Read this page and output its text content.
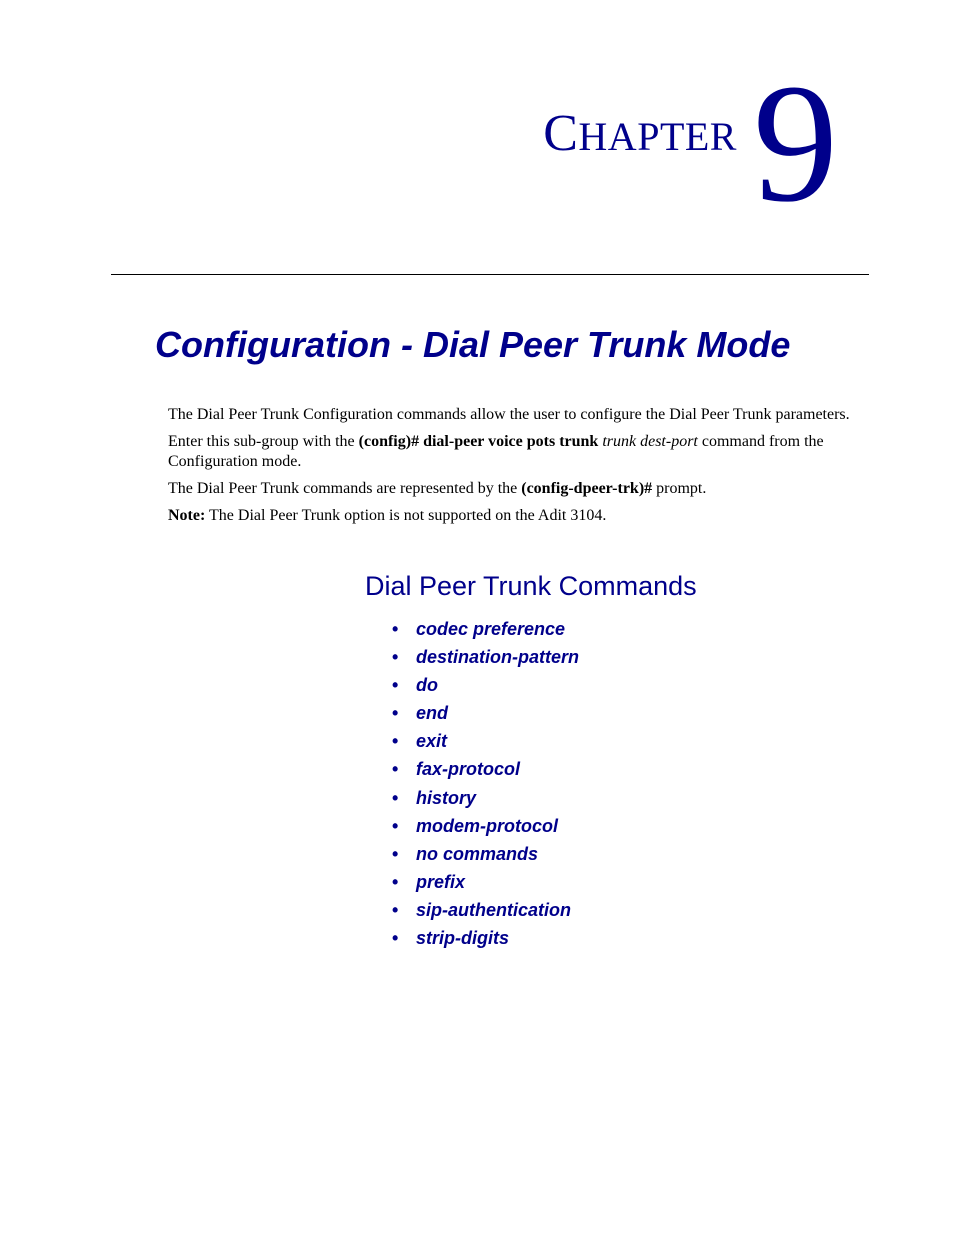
CHAPTER 9
Configuration - Dial Peer Trunk Mode

The Dial Peer Trunk Configuration commands allow the user to configure the Dial Peer Trunk parameters.

Enter this sub-group with the (config)# dial-peer voice pots trunk trunk dest-port command from the Configuration mode.

The Dial Peer Trunk commands are represented by the (config-dpeer-trk)# prompt.

Note: The Dial Peer Trunk option is not supported on the Adit 3104.

Dial Peer Trunk Commands
• codec preference
• destination-pattern
• do
• end
• exit
• fax-protocol
• history
• modem-protocol
• no commands
• prefix
• sip-authentication
• strip-digits
